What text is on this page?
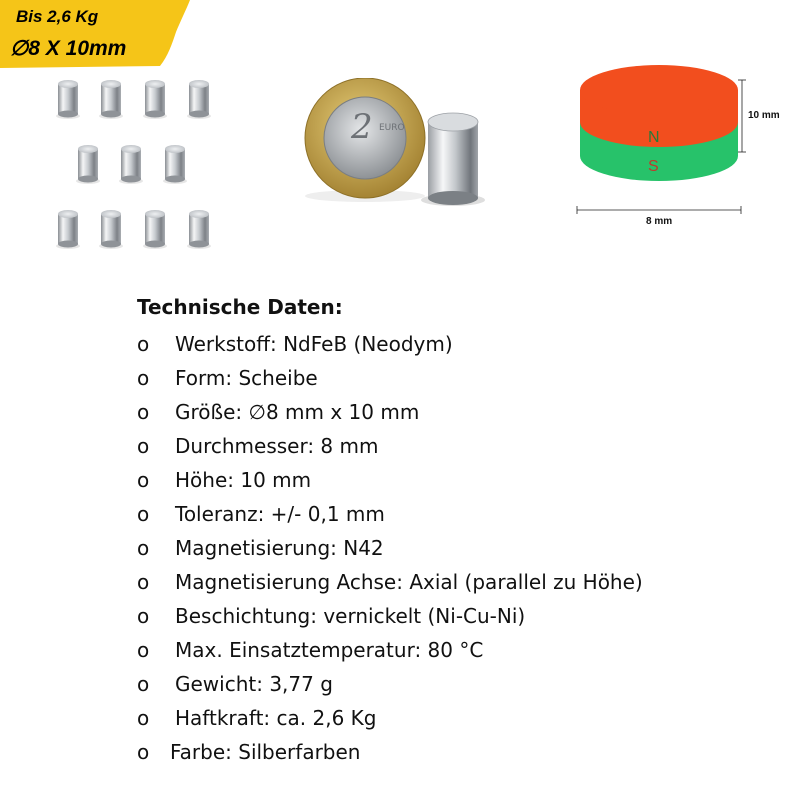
Bis 2,6 Kg
∅8 X 10mm
2 EURO
N
S
10 mm
8 mm
Technische Daten:
o Werkstoff: NdFeB (Neodym)
o Form: Scheibe
o Größe: ∅8 mm x 10 mm
o Durchmesser: 8 mm
o Höhe: 10 mm
o Toleranz: +/- 0,1 mm
o Magnetisierung: N42
o Magnetisierung Achse: Axial (parallel zu Höhe)
o Beschichtung: vernickelt (Ni-Cu-Ni)
o Max. Einsatztemperatur: 80 °C
o Gewicht: 3,77 g
o Haftkraft: ca. 2,6 Kg
o Farbe: Silberfarben
